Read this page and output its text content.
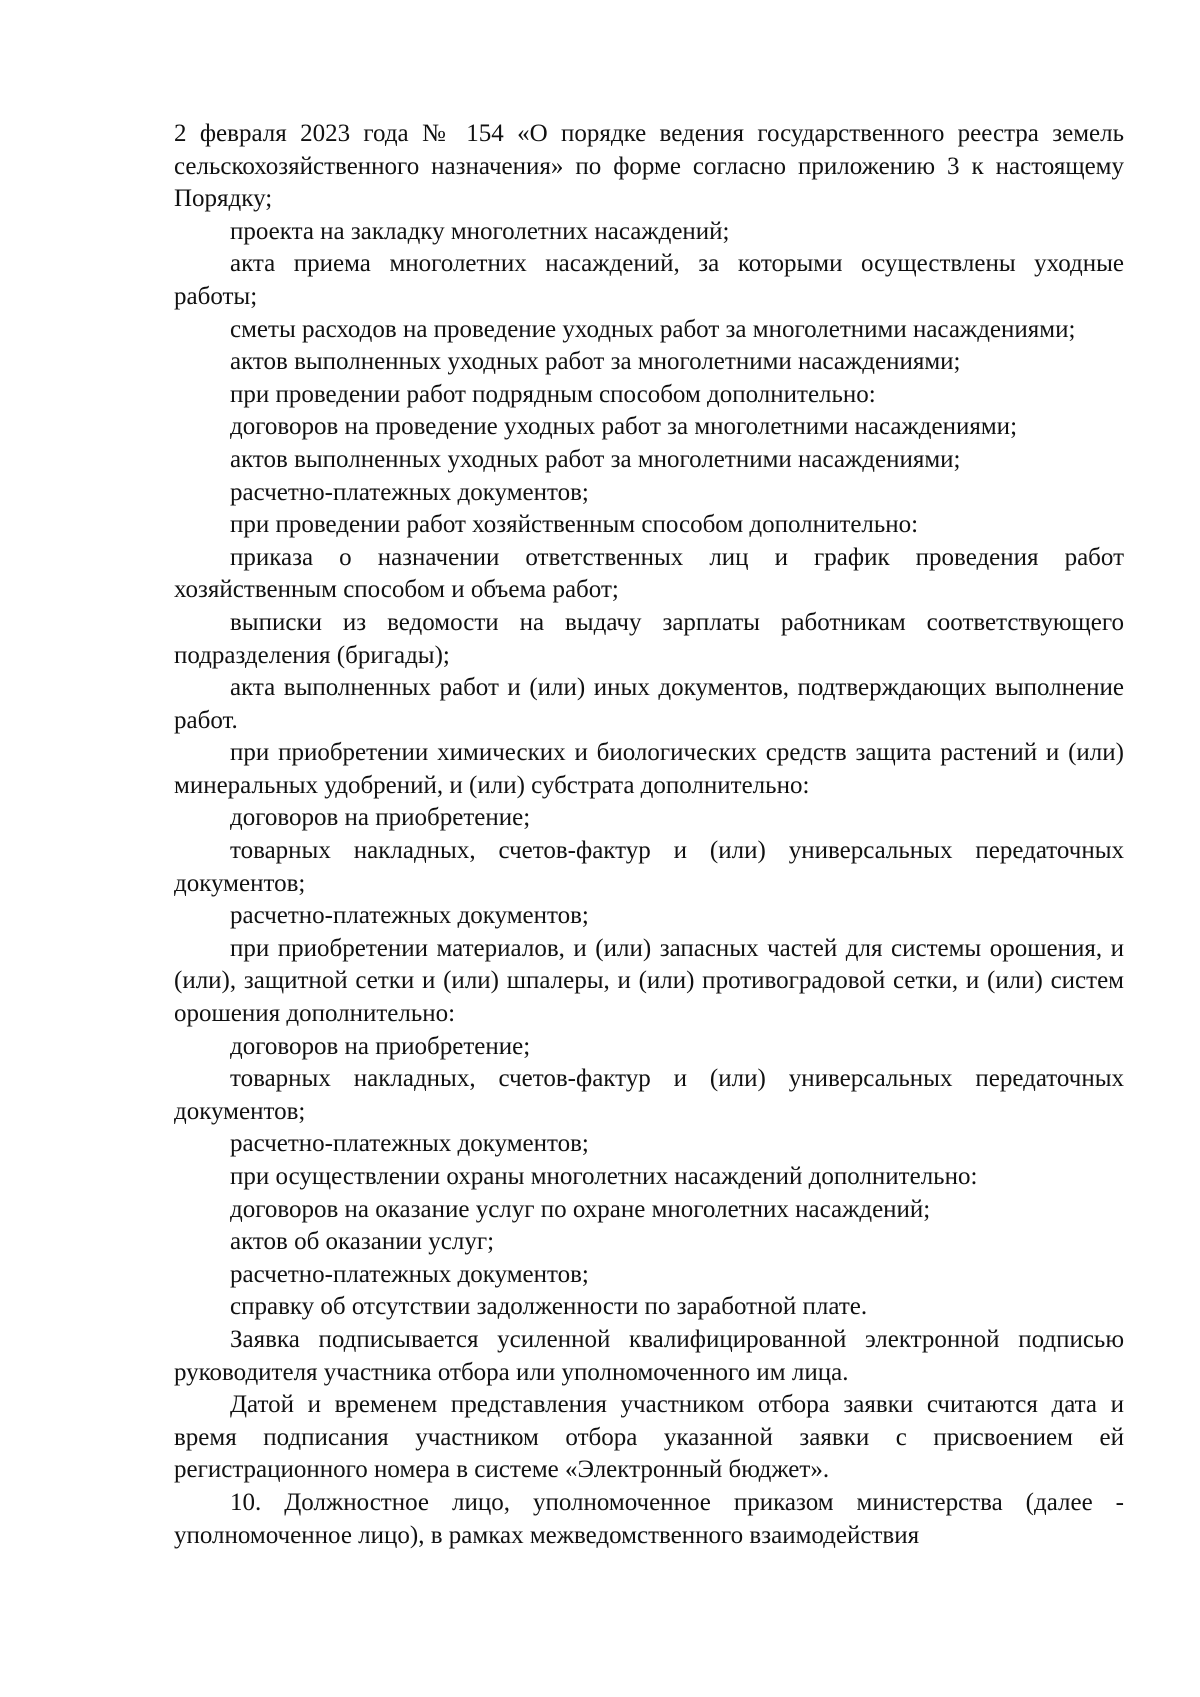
2 февраля 2023 года № 154 «О порядке ведения государственного реестра земель сельскохозяйственного назначения» по форме согласно приложению 3 к настоящему Порядку;

проекта на закладку многолетних насаждений;

акта приема многолетних насаждений, за которыми осуществлены уходные работы;

сметы расходов на проведение уходных работ за многолетними насаждениями;

актов выполненных уходных работ за многолетними насаждениями;

при проведении работ подрядным способом дополнительно:

договоров на проведение уходных работ за многолетними насаждениями;

актов выполненных уходных работ за многолетними насаждениями;

расчетно-платежных документов;

при проведении работ хозяйственным способом дополнительно:

приказа о назначении ответственных лиц и график проведения работ хозяйственным способом и объема работ;

выписки из ведомости на выдачу зарплаты работникам соответствующего подразделения (бригады);

акта выполненных работ и (или) иных документов, подтверждающих выполнение работ.

при приобретении химических и биологических средств защита растений и (или) минеральных удобрений, и (или) субстрата дополнительно:

договоров на приобретение;

товарных накладных, счетов-фактур и (или) универсальных передаточных документов;

расчетно-платежных документов;

при приобретении материалов, и (или) запасных частей для системы орошения, и (или), защитной сетки и (или) шпалеры, и (или) противоградовой сетки, и (или) систем орошения дополнительно:

договоров на приобретение;

товарных накладных, счетов-фактур и (или) универсальных передаточных документов;

расчетно-платежных документов;

при осуществлении охраны многолетних насаждений дополнительно:

договоров на оказание услуг по охране многолетних насаждений;

актов об оказании услуг;

расчетно-платежных документов;

справку об отсутствии задолженности по заработной плате.

Заявка подписывается усиленной квалифицированной электронной подписью руководителя участника отбора или уполномоченного им лица.

Датой и временем представления участником отбора заявки считаются дата и время подписания участником отбора указанной заявки с присвоением ей регистрационного номера в системе «Электронный бюджет».

10. Должностное лицо, уполномоченное приказом министерства (далее - уполномоченное лицо), в рамках межведомственного взаимодействия
